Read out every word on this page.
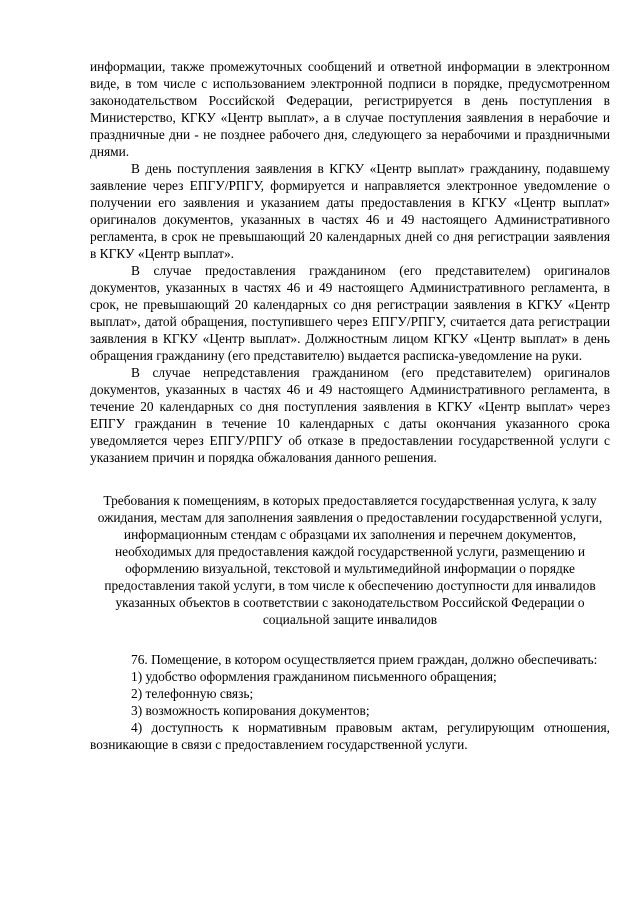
информации, также промежуточных сообщений и ответной информации в электронном виде, в том числе с использованием электронной подписи в порядке, предусмотренном законодательством Российской Федерации, регистрируется в день поступления в Министерство, КГКУ «Центр выплат», а в случае поступления заявления в нерабочие и праздничные дни - не позднее рабочего дня, следующего за нерабочими и праздничными днями.

В день поступления заявления в КГКУ «Центр выплат» гражданину, подавшему заявление через ЕПГУ/РПГУ, формируется и направляется электронное уведомление о получении его заявления и указанием даты предоставления в КГКУ «Центр выплат» оригиналов документов, указанных в частях 46 и 49 настоящего Административного регламента, в срок не превышающий 20 календарных дней со дня регистрации заявления в КГКУ «Центр выплат».

В случае предоставления гражданином (его представителем) оригиналов документов, указанных в частях 46 и 49 настоящего Административного регламента, в срок, не превышающий 20 календарных со дня регистрации заявления в КГКУ «Центр выплат», датой обращения, поступившего через ЕПГУ/РПГУ, считается дата регистрации заявления в КГКУ «Центр выплат». Должностным лицом КГКУ «Центр выплат» в день обращения гражданину (его представителю) выдается расписка-уведомление на руки.

В случае непредставления гражданином (его представителем) оригиналов документов, указанных в частях 46 и 49 настоящего Административного регламента, в течение 20 календарных со дня поступления заявления в КГКУ «Центр выплат» через ЕПГУ гражданин в течение 10 календарных с даты окончания указанного срока уведомляется через ЕПГУ/РПГУ об отказе в предоставлении государственной услуги с указанием причин и порядка обжалования данного решения.

Требования к помещениям, в которых предоставляется государственная услуга, к залу ожидания, местам для заполнения заявления о предоставлении государственной услуги, информационным стендам с образцами их заполнения и перечнем документов, необходимых для предоставления каждой государственной услуги, размещению и оформлению визуальной, текстовой и мультимедийной информации о порядке предоставления такой услуги, в том числе к обеспечению доступности для инвалидов указанных объектов в соответствии с законодательством Российской Федерации о социальной защите инвалидов

76. Помещение, в котором осуществляется прием граждан, должно обеспечивать:

1) удобство оформления гражданином письменного обращения;

2) телефонную связь;

3) возможность копирования документов;

4) доступность к нормативным правовым актам, регулирующим отношения, возникающие в связи с предоставлением государственной услуги.
